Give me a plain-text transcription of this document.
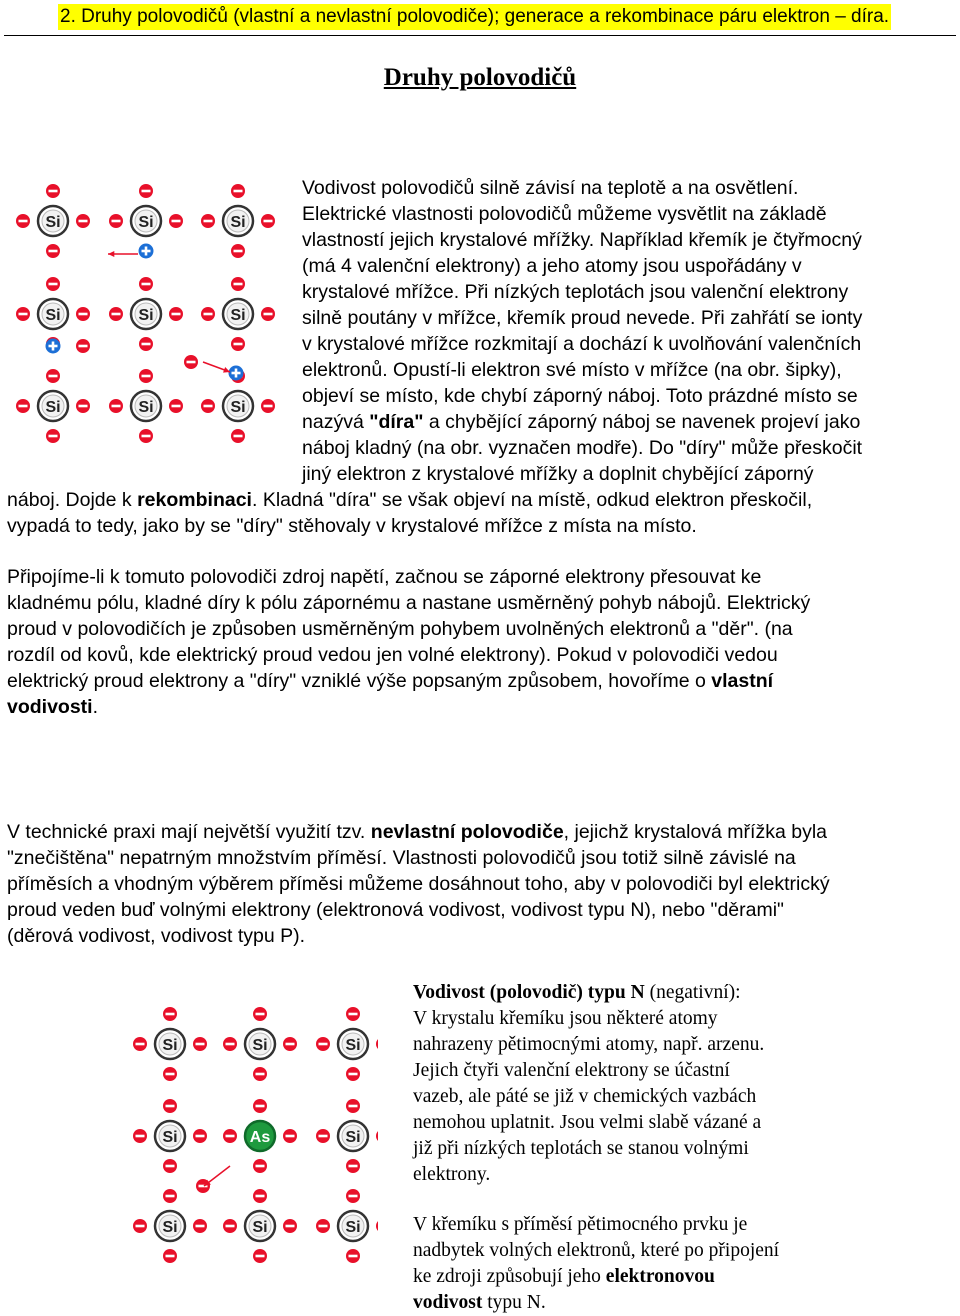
2. Druhy polovodičů (vlastní a nevlastní polovodiče); generace a rekombinace páru elektron – díra.
Druhy polovodičů
Si	Si	Si
Si	Si	Si
Si	Si	Si
Vodivost polovodičů silně závisí na teplotě a na osvětlení.
Elektrické vlastnosti polovodičů můžeme vysvětlit na základě
vlastností jejich krystalové mřížky. Například křemík je čtyřmocný
(má 4 valenční elektrony) a jeho atomy jsou uspořádány v
krystalové mřížce. Při nízkých teplotách jsou valenční elektrony
silně poutány v mřížce, křemík proud nevede. Při zahřátí se ionty
v krystalové mřížce rozkmitají a dochází k uvolňování valenčních
elektronů. Opustí-li elektron své místo v mřížce (na obr. šipky),
objeví se místo, kde chybí záporný náboj. Toto prázdné místo se
nazývá "díra" a chybějící záporný náboj se navenek projeví jako
náboj kladný (na obr. vyznačen modře). Do "díry" může přeskočit
jiný elektron z krystalové mřížky a doplnit chybějící záporný
náboj. Dojde k rekombinaci. Kladná "díra" se však objeví na místě, odkud elektron přeskočil,
vypadá to tedy, jako by se "díry" stěhovaly v krystalové mřížce z místa na místo.
Připojíme-li k tomuto polovodiči zdroj napětí, začnou se záporné elektrony přesouvat ke
kladnému pólu, kladné díry k pólu zápornému a nastane usměrněný pohyb nábojů. Elektrický
proud v polovodičích je způsoben usměrněným pohybem uvolněných elektronů a "děr". (na
rozdíl od kovů, kde elektrický proud vedou jen volné elektrony). Pokud v polovodiči vedou
elektrický proud elektrony a "díry" vzniklé výše popsaným způsobem, hovoříme o vlastní
vodivosti.
V technické praxi mají největší využití tzv. nevlastní polovodiče, jejichž krystalová mřížka byla
"znečištěna" nepatrným množstvím příměsí. Vlastnosti polovodičů jsou totiž silně závislé na
příměsích a vhodným výběrem příměsi můžeme dosáhnout toho, aby v polovodiči byl elektrický
proud veden buď volnými elektrony (elektronová vodivost, vodivost typu N), nebo "děrami"
(děrová vodivost, vodivost typu P).
Si	Si	Si
Si	As	Si
Si	Si	Si
Vodivost (polovodič) typu N (negativní):
V krystalu křemíku jsou některé atomy
nahrazeny pětimocnými atomy, např. arzenu.
Jejich čtyři valenční elektrony se účastní
vazeb, ale páté se již v chemických vazbách
nemohou uplatnit. Jsou velmi slabě vázané a
již při nízkých teplotách se stanou volnými
elektrony.
V křemíku s příměsí pětimocného prvku je
nadbytek volných elektronů, které po připojení
ke zdroji způsobují jeho elektronovou
vodivost typu N.
